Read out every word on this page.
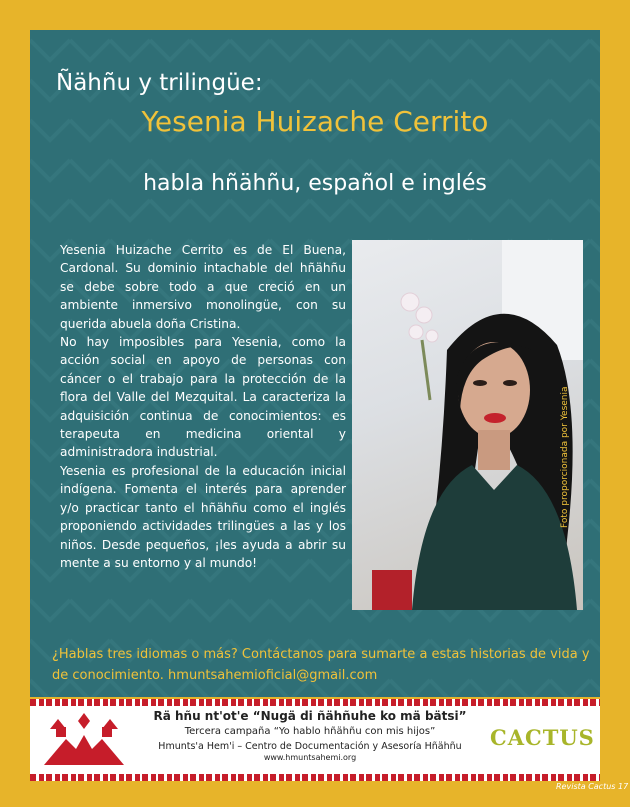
Ñähñu y trilingüe:
Yesenia Huizache Cerrito
habla hñähñu, español e inglés

Yesenia Huizache Cerrito es de El Buena, Cardonal. Su dominio intachable del hñähñu se debe sobre todo a que creció en un ambiente inmersivo monolingüe, con su querida abuela doña Cristina.

No hay imposibles para Yesenia, como la acción social en apoyo de personas con cáncer o el trabajo para la protección de la flora del Valle del Mezquital. La caracteriza la adquisición continua de conocimientos: es terapeuta en medicina oriental y administradora industrial.

Yesenia es profesional de la educación inicial indígena. Fomenta el interés para aprender y/o practicar tanto el hñähñu como el inglés proponiendo actividades trilingües a las y los niños. Desde pequeños, ¡les ayuda a abrir su mente a su entorno y al mundo!

¿Hablas tres idiomas o más? Contáctanos para sumarte a estas historias de vida y de conocimiento. hmuntsahemioficial@gmail.com
Foto proporcionada por Yesenia
Rä hñu nt'ot'e “Nugä di ñähñuhe ko mä bätsi”
Tercera campaña “Yo hablo hñähñu con mis hijos”
Hmunts'a Hem'i – Centro de Documentación y Asesoría Hñähñu
www.hmuntsahemi.org
CACTUS
Revista Cactus 17
